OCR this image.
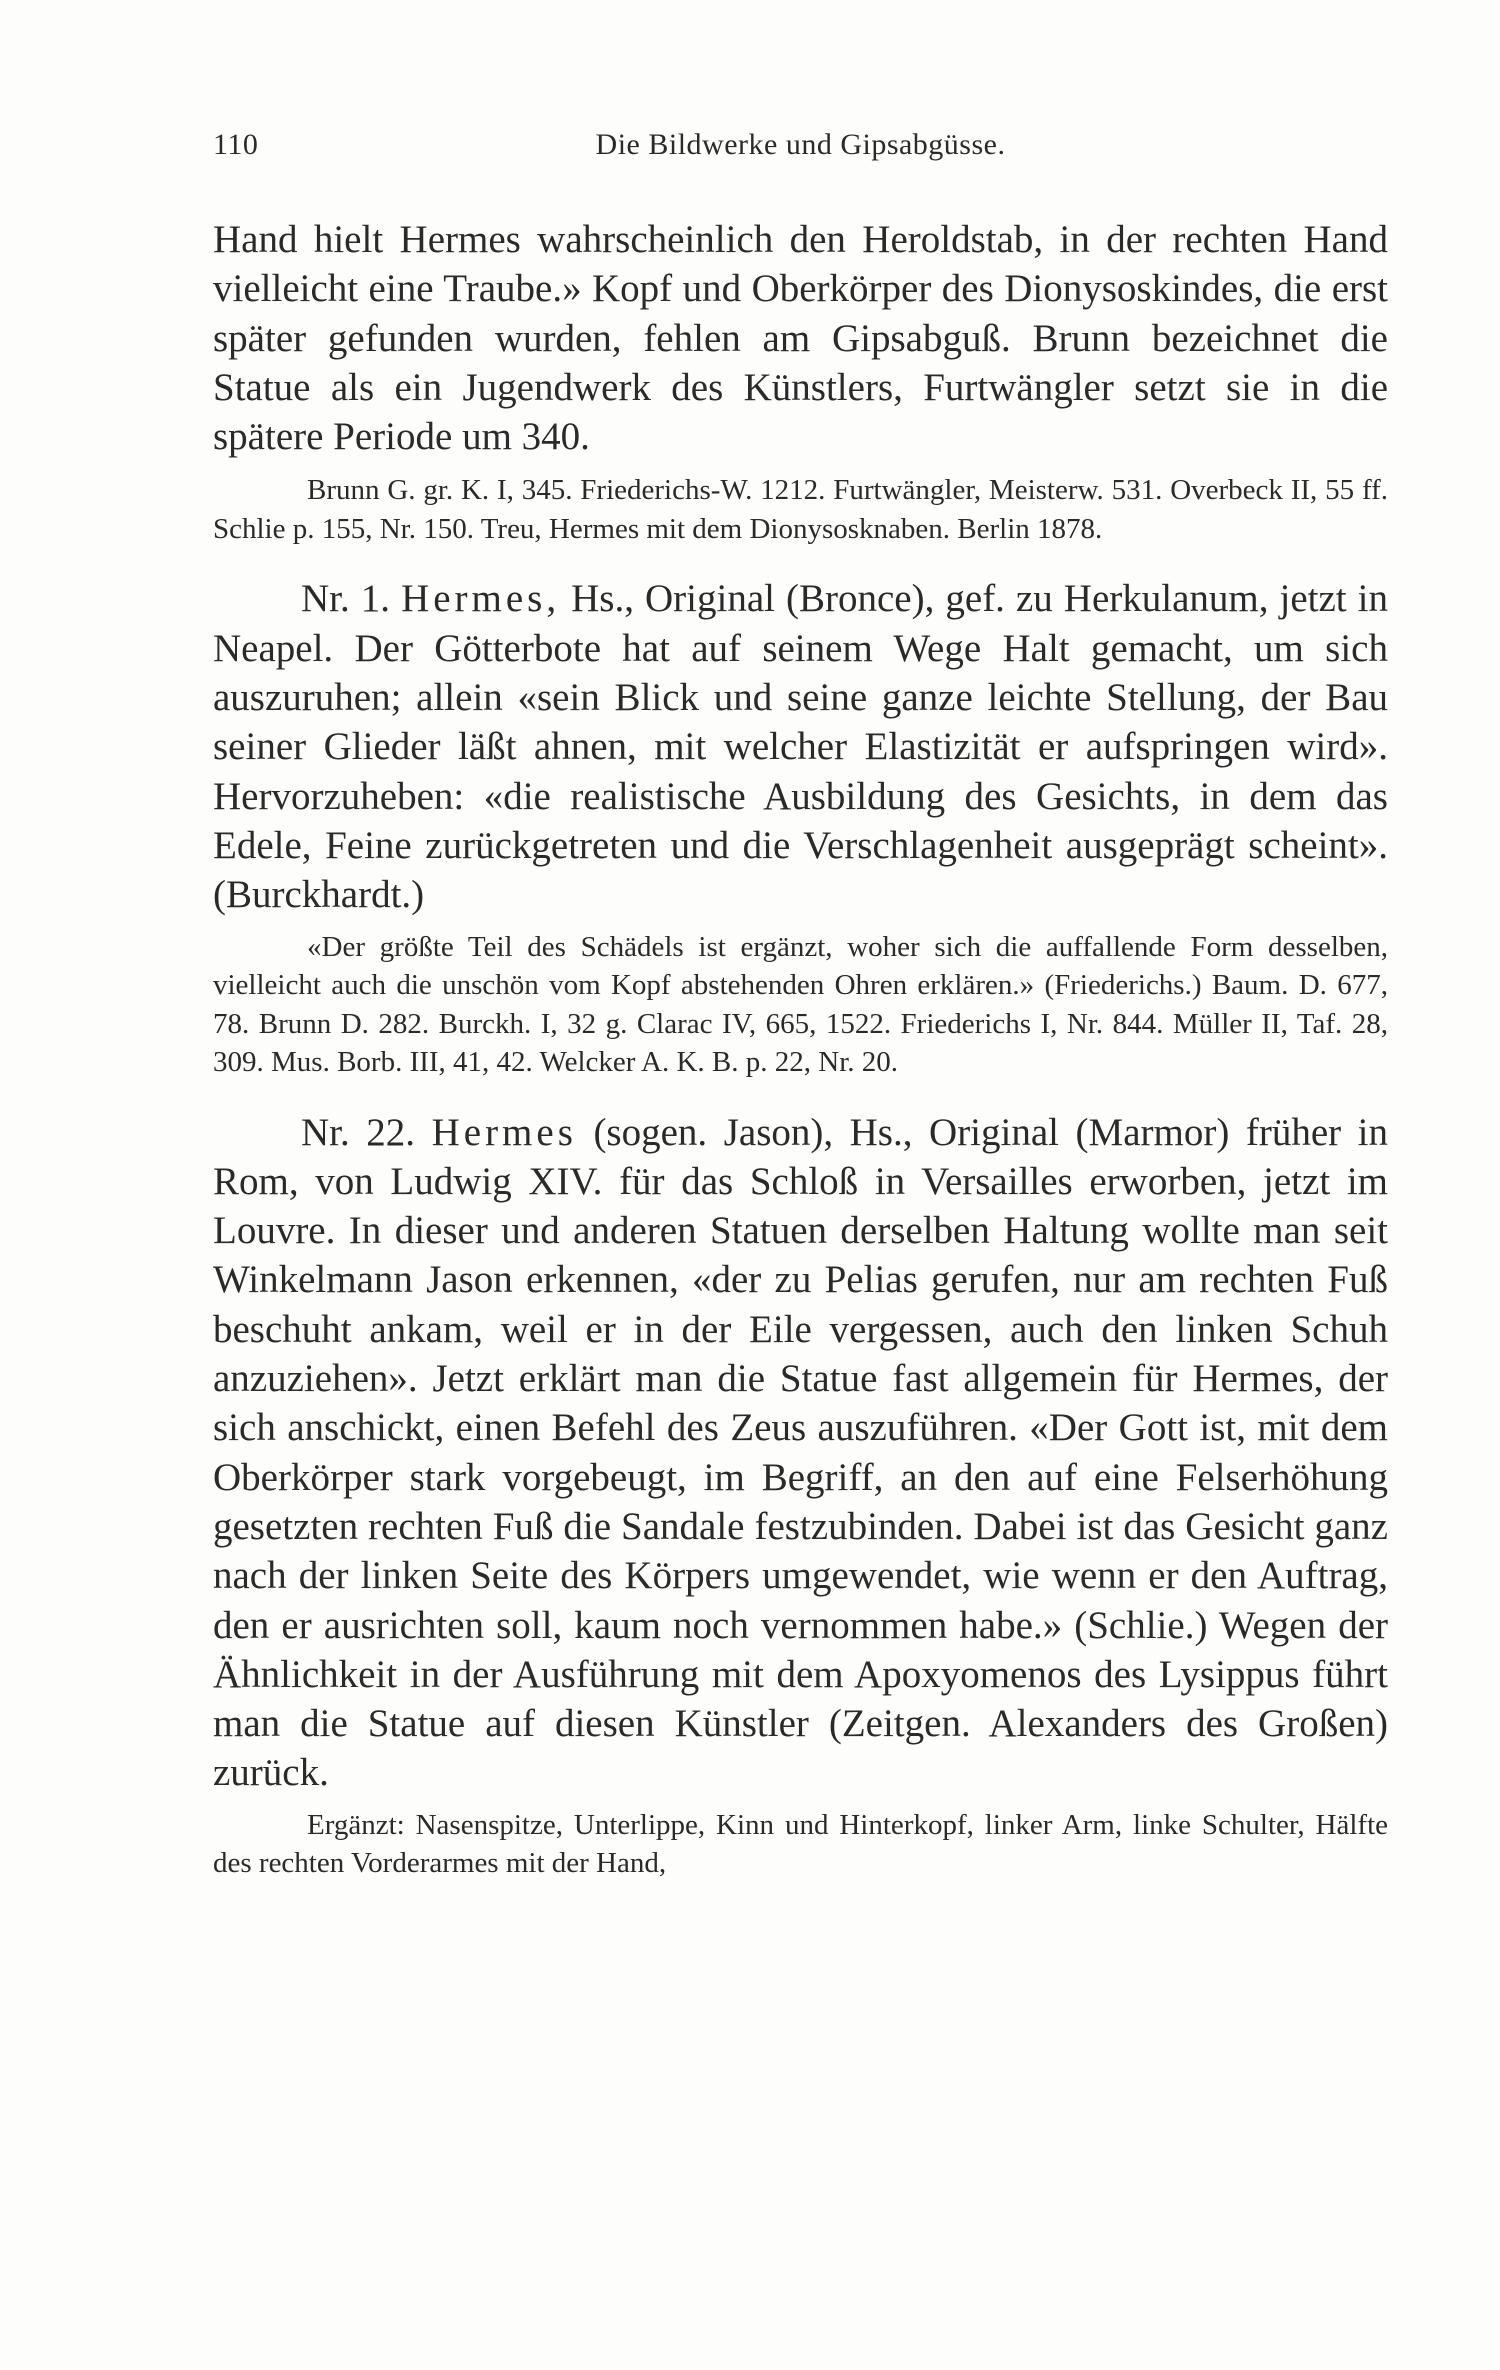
110	Die Bildwerke und Gipsabgüsse.

Hand hielt Hermes wahrscheinlich den Heroldstab, in der rechten Hand vielleicht eine Traube.» Kopf und Oberkörper des Dionysoskindes, die erst später gefunden wurden, fehlen am Gipsabguß. Brunn bezeichnet die Statue als ein Jugendwerk des Künstlers, Furtwängler setzt sie in die spätere Periode um 340.

Brunn G. gr. K. I, 345. Friederichs-W. 1212. Furtwängler, Meisterw. 531. Overbeck II, 55 ff. Schlie p. 155, Nr. 150. Treu, Hermes mit dem Dionysosknaben. Berlin 1878.

Nr. 1. Hermes, Hs., Original (Bronce), gef. zu Herkulanum, jetzt in Neapel. Der Götterbote hat auf seinem Wege Halt gemacht, um sich auszuruhen; allein «sein Blick und seine ganze leichte Stellung, der Bau seiner Glieder läßt ahnen, mit welcher Elastizität er aufspringen wird». Hervorzuheben: «die realistische Ausbildung des Gesichts, in dem das Edele, Feine zurückgetreten und die Verschlagenheit ausgeprägt scheint». (Burckhardt.)

«Der größte Teil des Schädels ist ergänzt, woher sich die auffallende Form desselben, vielleicht auch die unschön vom Kopf abstehenden Ohren erklären.» (Friederichs.) Baum. D. 677, 78. Brunn D. 282. Burckh. I, 32 g. Clarac IV, 665, 1522. Friederichs I, Nr. 844. Müller II, Taf. 28, 309. Mus. Borb. III, 41, 42. Welcker A. K. B. p. 22, Nr. 20.

Nr. 22. Hermes (sogen. Jason), Hs., Original (Marmor) früher in Rom, von Ludwig XIV. für das Schloß in Versailles erworben, jetzt im Louvre. In dieser und anderen Statuen derselben Haltung wollte man seit Winkelmann Jason erkennen, «der zu Pelias gerufen, nur am rechten Fuß beschuht ankam, weil er in der Eile vergessen, auch den linken Schuh anzuziehen». Jetzt erklärt man die Statue fast allgemein für Hermes, der sich anschickt, einen Befehl des Zeus auszuführen. «Der Gott ist, mit dem Oberkörper stark vorgebeugt, im Begriff, an den auf eine Felserhöhung gesetzten rechten Fuß die Sandale festzubinden. Dabei ist das Gesicht ganz nach der linken Seite des Körpers umgewendet, wie wenn er den Auftrag, den er ausrichten soll, kaum noch vernommen habe.» (Schlie.) Wegen der Ähnlichkeit in der Ausführung mit dem Apoxyomenos des Lysippus führt man die Statue auf diesen Künstler (Zeitgen. Alexanders des Großen) zurück.

Ergänzt: Nasenspitze, Unterlippe, Kinn und Hinterkopf, linker Arm, linke Schulter, Hälfte des rechten Vorderarmes mit der Hand,
